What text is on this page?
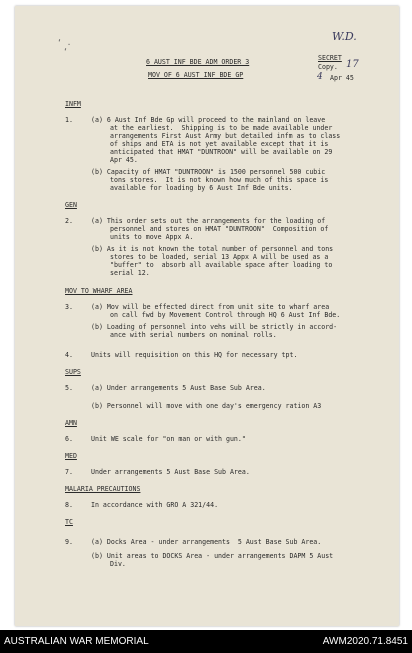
‘ .
‘
W.D.
6 AUST INF BDE ADM ORDER 3
MOV OF 6 AUST INF BDE GP
SECRET
Copy. 17
4 Apr 45
INFM
1.	(a) 6 Aust Inf Bde Gp will proceed to the mainland on leave
at the earliest.  Shipping is to be made available under
arrangements First Aust Army but detailed infm as to class
of ships and ETA is not yet available except that it is
anticipated that HMAT "DUNTROON" will be available on 29
Apr 45.
(b) Capacity of HMAT "DUNTROON" is 1500 personnel 500 cubic
tons stores.  It is not known how much of this space is
available for loading by 6 Aust Inf Bde units.
GEN
2.	(a) This order sets out the arrangements for the loading of
personnel and stores on HMAT "DUNTROON"  Composition of
units to move Appx A.
(b) As it is not known the total number of personnel and tons
stores to be loaded, serial 13 Appx A will be used as a
"buffer" to  absorb all available space after loading to
serial 12.
MOV TO WHARF AREA
3.	(a) Mov will be effected direct from unit site to wharf area
on call fwd by Movement Control through HQ 6 Aust Inf Bde.
(b) Loading of personnel into vehs will be strictly in accord-
ance with serial numbers on nominal rolls.
4.	Units will requisition on this HQ for necessary tpt.
SUPS
5.	(a) Under arrangements 5 Aust Base Sub Area.
(b) Personnel will move with one day's emergency ration A3
AMN
6.	Unit WE scale for "on man or with gun."
MED
7.	Under arrangements 5 Aust Base Sub Area.
MALARIA PRECAUTIONS
8.	In accordance with GRO A 321/44.
TC
9.	(a) Docks Area - under arrangements  5 Aust Base Sub Area.
(b) Unit areas to DOCKS Area - under arrangements DAPM 5 Aust
Div.
AUSTRALIAN WAR MEMORIAL	AWM2020.71.8451
